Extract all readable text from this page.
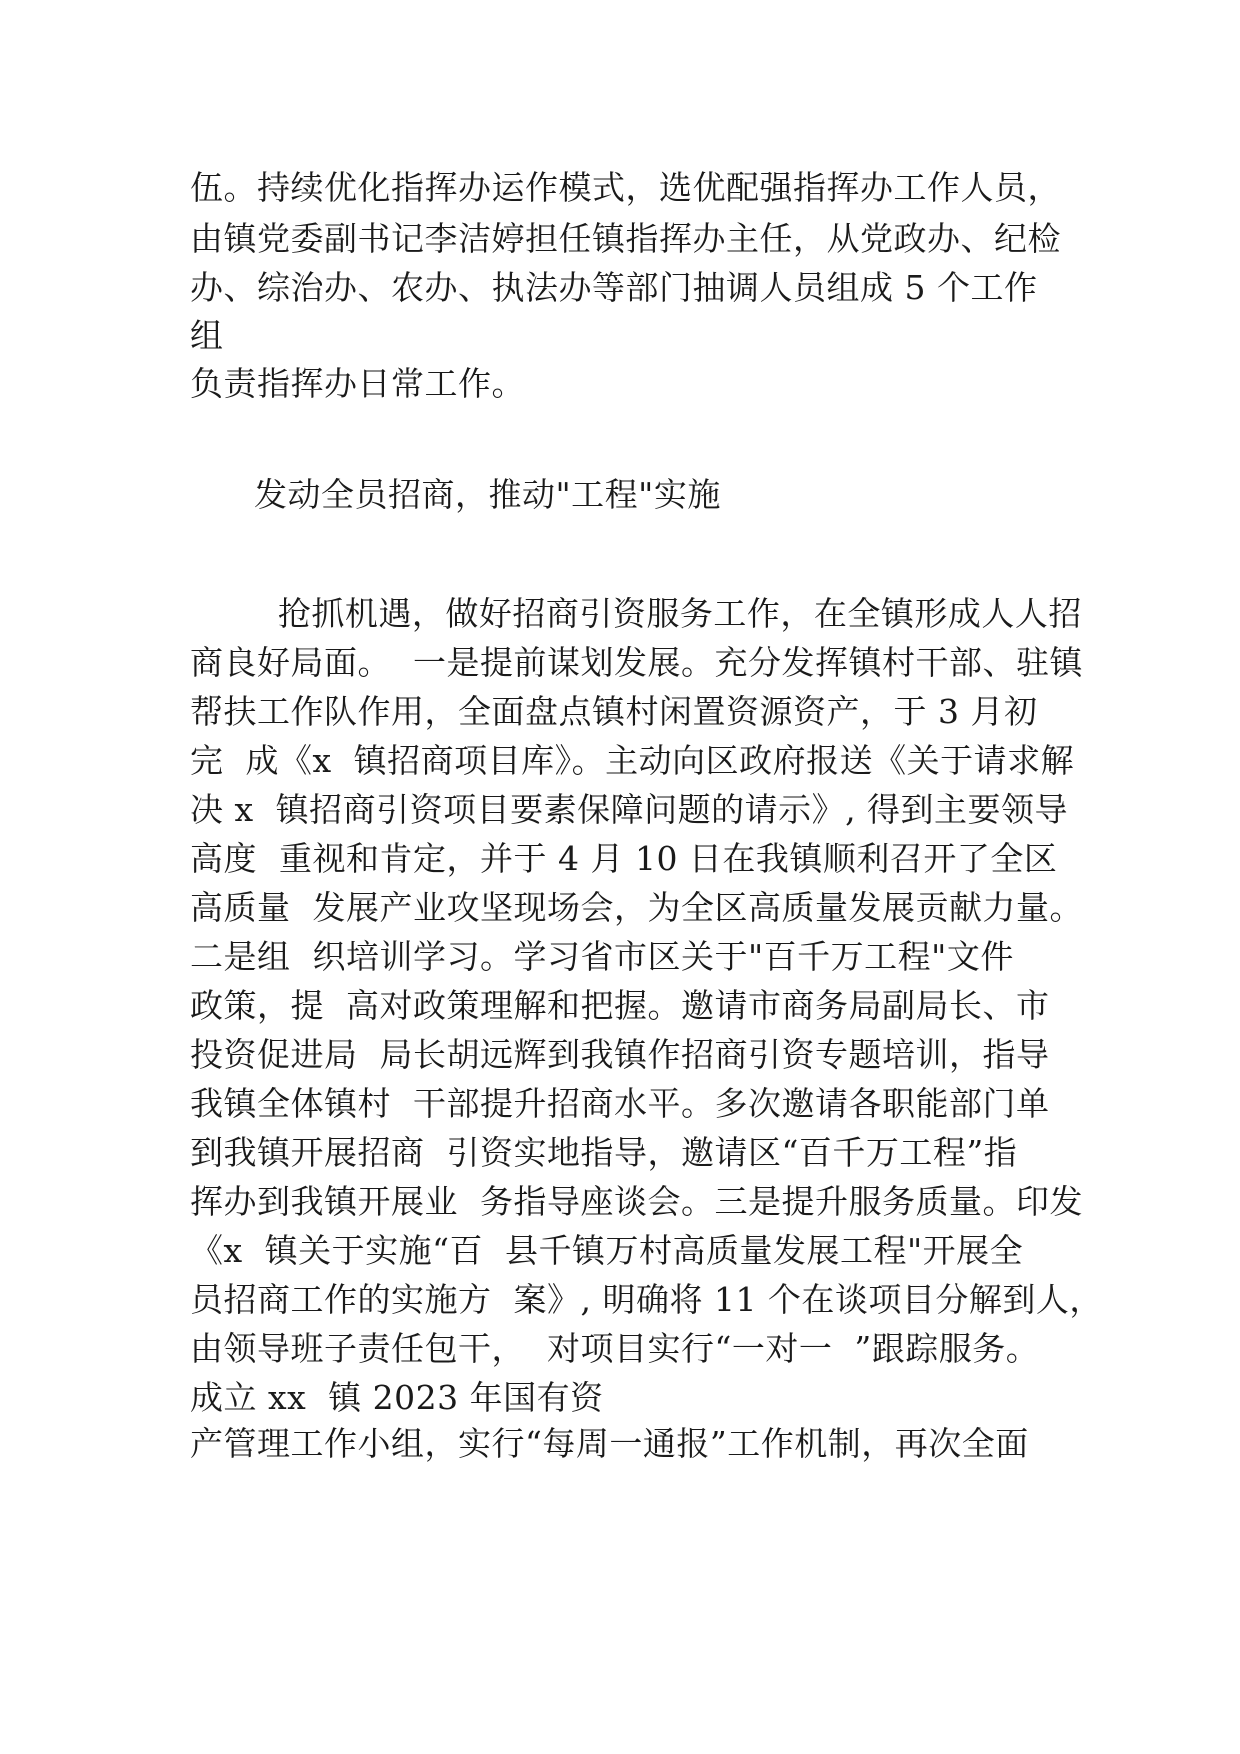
伍。持续优化指挥办运作模式，选优配强指挥办工作人员，
由镇党委副书记李洁婷担任镇指挥办主任，从党政办、纪检
办、综治办、农办、执法办等部门抽调人员组成 5 个工作
组
负责指挥办日常工作。
发动全员招商，推动"工程"实施
抢抓机遇，做好招商引资服务工作，在全镇形成人人招
商良好局面。  一是提前谋划发展。充分发挥镇村干部、驻镇
帮扶工作队作用，全面盘点镇村闲置资源资产，于 3 月初
完  成《x  镇招商项目库》。主动向区政府报送《关于请求解
决 x  镇招商引资项目要素保障问题的请示》, 得到主要领导
高度  重视和肯定，并于 4 月 10 日在我镇顺利召开了全区
高质量  发展产业攻坚现场会，为全区高质量发展贡献力量。
二是组  织培训学习。学习省市区关于"百千万工程"文件
政策，提  高对政策理解和把握。邀请市商务局副局长、市
投资促进局  局长胡远辉到我镇作招商引资专题培训，指导
我镇全体镇村  干部提升招商水平。多次邀请各职能部门单
到我镇开展招商  引资实地指导，邀请区“百千万工程”指
挥办到我镇开展业  务指导座谈会。三是提升服务质量。印发
《x  镇关于实施“百  县千镇万村高质量发展工程"开展全
员招商工作的实施方  案》, 明确将 11 个在谈项目分解到人，
由领导班子责任包干，  对项目实行“一对一  ”跟踪服务。
成立 xx  镇 2023 年国有资
产管理工作小组，实行“每周一通报”工作机制，再次全面
